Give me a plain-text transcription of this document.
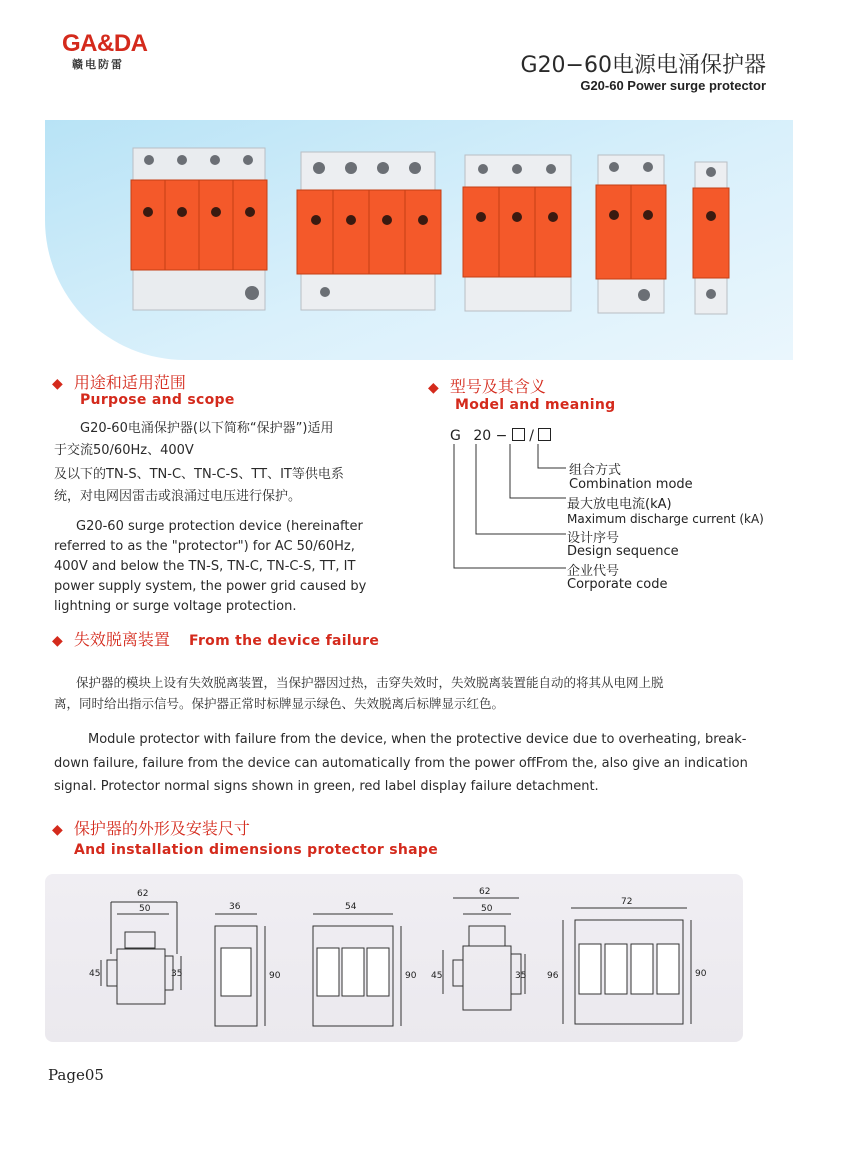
GA&DA
赣电防雷	G20−60电源电涌保护器
G20-60 Power surge protector
◆ 用途和适用范围
Purpose and scope
G20-60电涌保护器(以下简称“保护器”)适用
于交流50/60Hz、400V
及以下的TN-S、TN-C、TN-C-S、TT、IT等供电系
统，对电网因雷击或浪涌过电压进行保护。
G20-60 surge protection device (hereinafter
referred to as the "protector") for AC 50/60Hz,
400V and below the TN-S, TN-C, TN-C-S, TT, IT
power supply system, the power grid caused by
lightning or surge voltage protection.
◆ 型号及其含义
Model and meaning
G 20 − /
组合方式
Combination mode
最大放电电流(kA)
Maximum discharge current (kA)
设计序号
Design sequence
企业代号
Corporate code
◆ 失效脱离装置 From the device failure
保护器的模块上设有失效脱离装置，当保护器因过热，击穿失效时，失效脱离装置能自动的将其从电网上脱
离，同时给出指示信号。保护器正常时标牌显示绿色、失效脱离后标牌显示红色。
Module protector with failure from the device, when the protective device due to overheating, break-
down failure, failure from the device can automatically from the power offFrom the, also give an indication
signal. Protector normal signs shown in green, red label display failure detachment.
◆ 保护器的外形及安装尺寸
And installation dimensions protector shape
62
50
45	35
36
90
54
90
62
50
45	35 96
72
90
Page05
